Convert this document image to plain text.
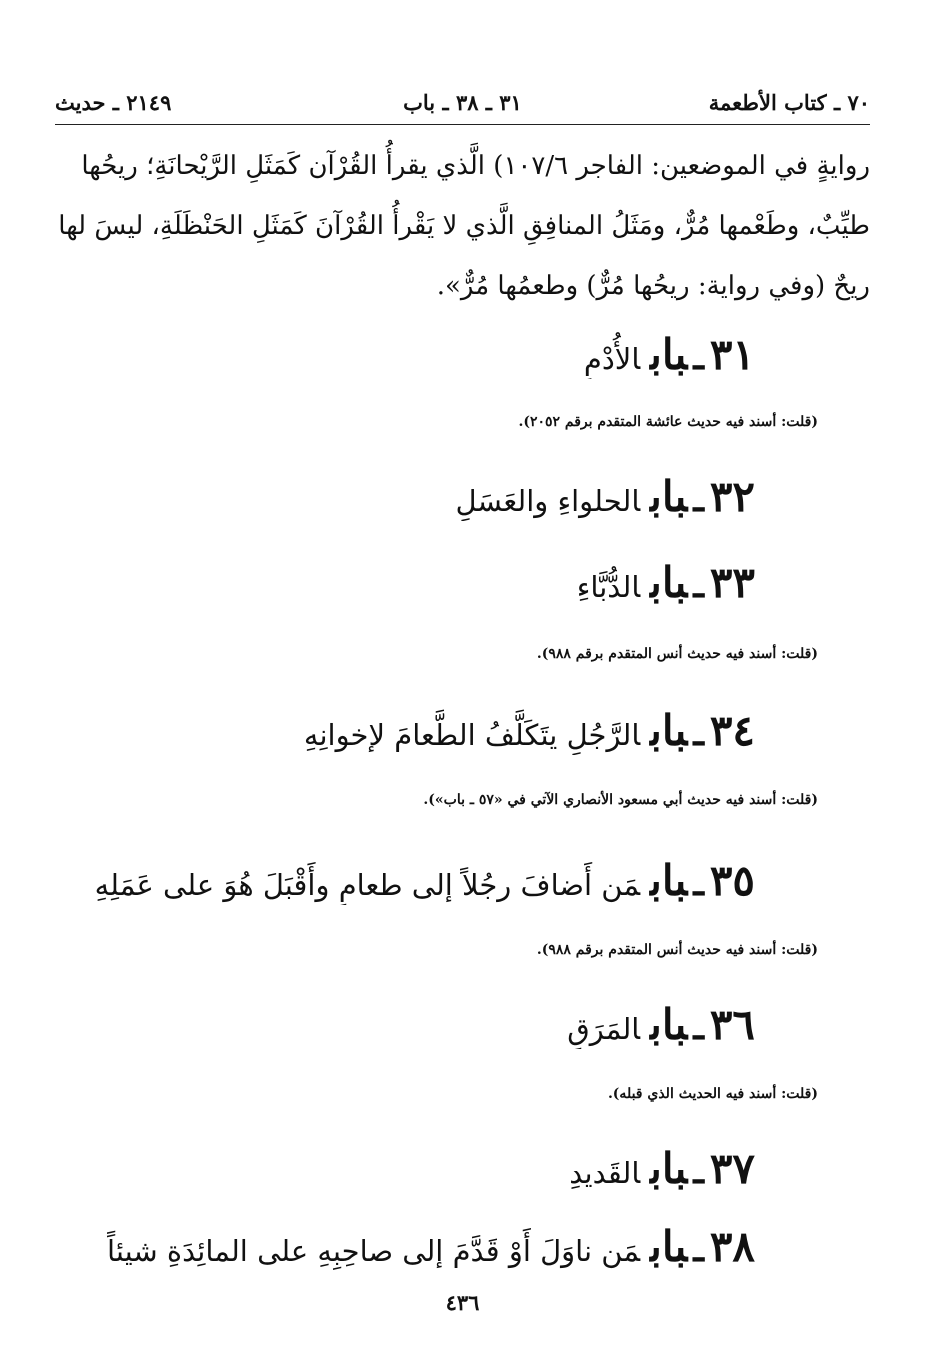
٧٠ ـ كتاب الأطعمة
٣١ ـ ٣٨ ـ باب
٢١٤٩ ـ حديث
روايةٍ في الموضعين: الفاجر ١٠٧/٦) الَّذي يقرأُ القُرْآن كَمَثَلِ الرَّيْحانَةِ؛ ريحُها
طيِّبٌ، وطَعْمها مُرٌّ، ومَثَلُ المنافِقِ الَّذي لا يَقْرأُ القُرْآنَ كَمَثَلِ الحَنْظَلَةِ، ليسَ لها
ريحٌ (وفي رواية: ريحُها مُرٌّ) وطعمُها مُرٌّ».
٣١ـبابالأُدْمِ
(قلت: أسند فيه حديث عائشة المتقدم برقم ٢٠٥٢).
٣٢ـبابالحلواءِ والعَسَلِ
٣٣ـبابالدُّبَّاءِ
(قلت: أسند فيه حديث أنس المتقدم برقم ٩٨٨).
٣٤ـبابالرَّجُلِ يتَكَلَّفُ الطَّعامَ لإخوانِهِ
(قلت: أسند فيه حديث أبي مسعود الأنصاري الآتي في «٥٧ ـ باب»).
٣٥ـبابمَن أَضافَ رجُلاً إلى طعامٍ وأَقْبَلَ هُوَ على عَمَلِهِ
(قلت: أسند فيه حديث أنس المتقدم برقم ٩٨٨).
٣٦ـبابالمَرَقِ
(قلت: أسند فيه الحديث الذي قبله).
٣٧ـبابالقَديدِ
٣٨ـبابمَن ناوَلَ أَوْ قَدَّمَ إلى صاحِبِهِ على المائِدَةِ شيئاً
٤٣٦
